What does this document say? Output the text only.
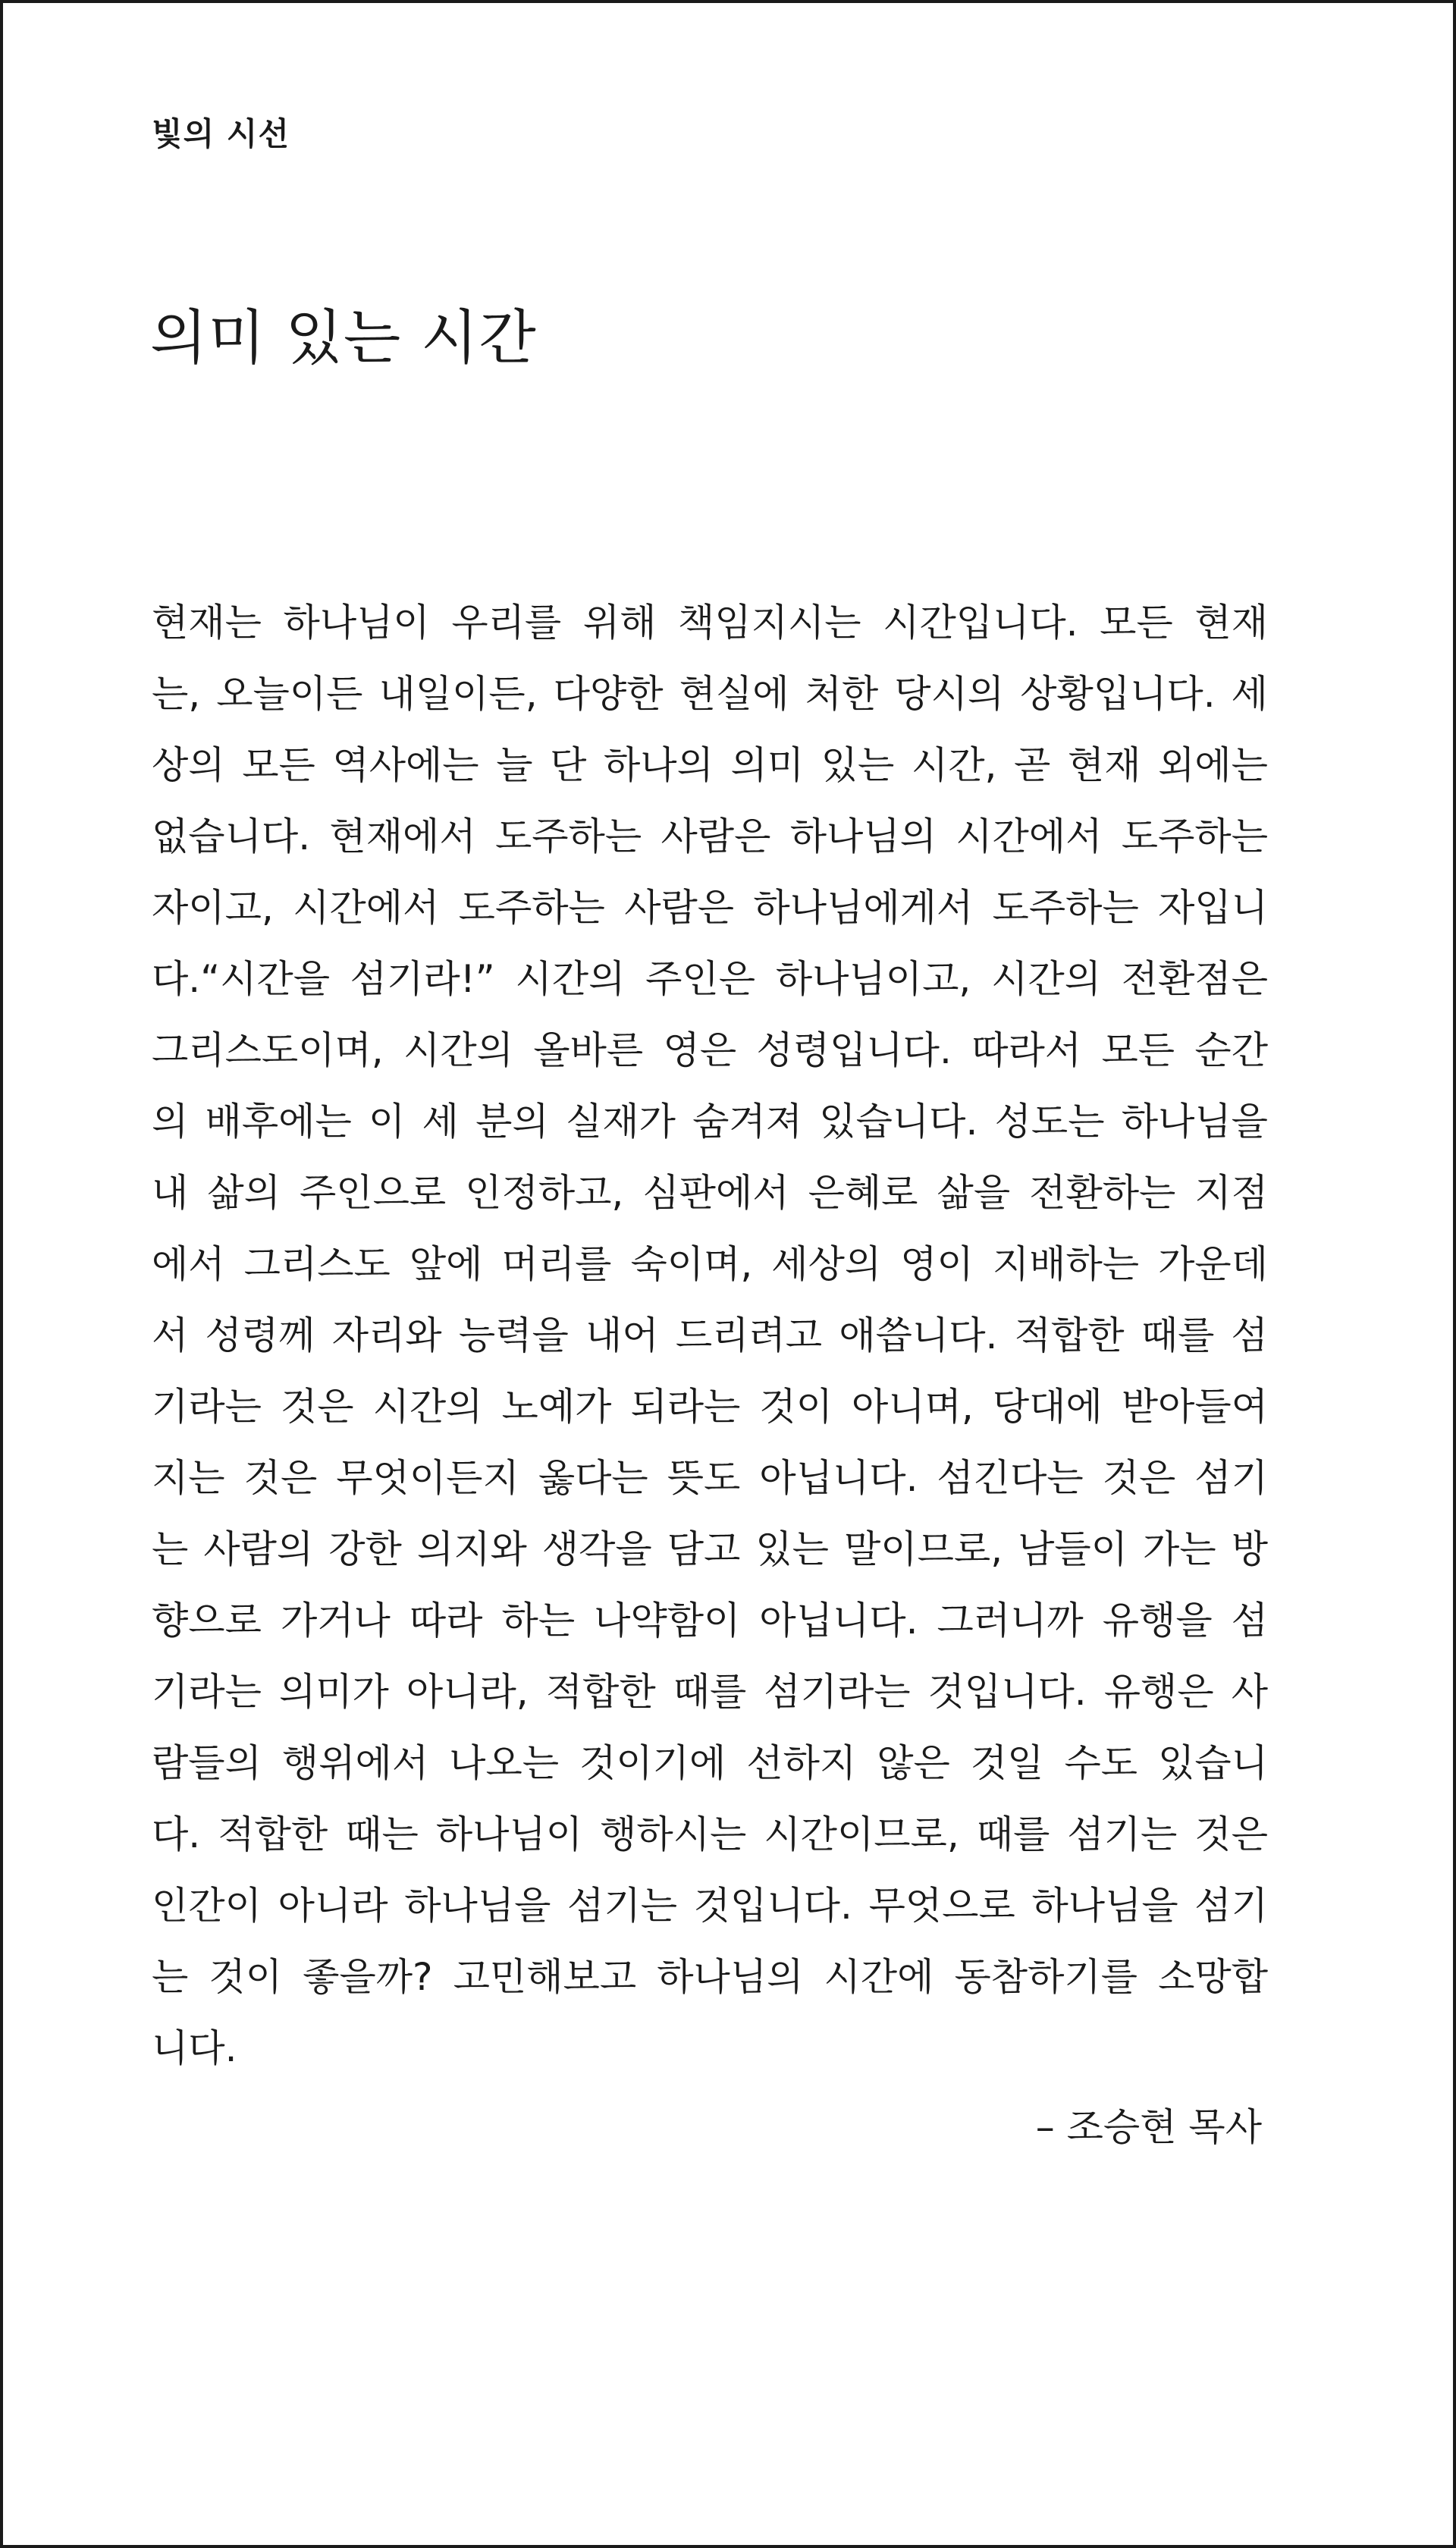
빛의 시선

의미 있는 시간
현재는 하나님이 우리를 위해 책임지시는 시간입니다. 모든 현재
는, 오늘이든 내일이든, 다양한 현실에 처한 당시의 상황입니다. 세
상의 모든 역사에는 늘 단 하나의 의미 있는 시간, 곧 현재 외에는
없습니다. 현재에서 도주하는 사람은 하나님의 시간에서 도주하는
자이고, 시간에서 도주하는 사람은 하나님에게서 도주하는 자입니
다.“시간을 섬기라!” 시간의 주인은 하나님이고, 시간의 전환점은
그리스도이며, 시간의 올바른 영은 성령입니다. 따라서 모든 순간
의 배후에는 이 세 분의 실재가 숨겨져 있습니다. 성도는 하나님을
내 삶의 주인으로 인정하고, 심판에서 은혜로 삶을 전환하는 지점
에서 그리스도 앞에 머리를 숙이며, 세상의 영이 지배하는 가운데
서 성령께 자리와 능력을 내어 드리려고 애씁니다. 적합한 때를 섬
기라는 것은 시간의 노예가 되라는 것이 아니며, 당대에 받아들여
지는 것은 무엇이든지 옳다는 뜻도 아닙니다. 섬긴다는 것은 섬기
는 사람의 강한 의지와 생각을 담고 있는 말이므로, 남들이 가는 방
향으로 가거나 따라 하는 나약함이 아닙니다. 그러니까 유행을 섬
기라는 의미가 아니라, 적합한 때를 섬기라는 것입니다. 유행은 사
람들의 행위에서 나오는 것이기에 선하지 않은 것일 수도 있습니
다. 적합한 때는 하나님이 행하시는 시간이므로, 때를 섬기는 것은
인간이 아니라 하나님을 섬기는 것입니다. 무엇으로 하나님을 섬기
는 것이 좋을까? 고민해보고 하나님의 시간에 동참하기를 소망합
니다.

– 조승현 목사
